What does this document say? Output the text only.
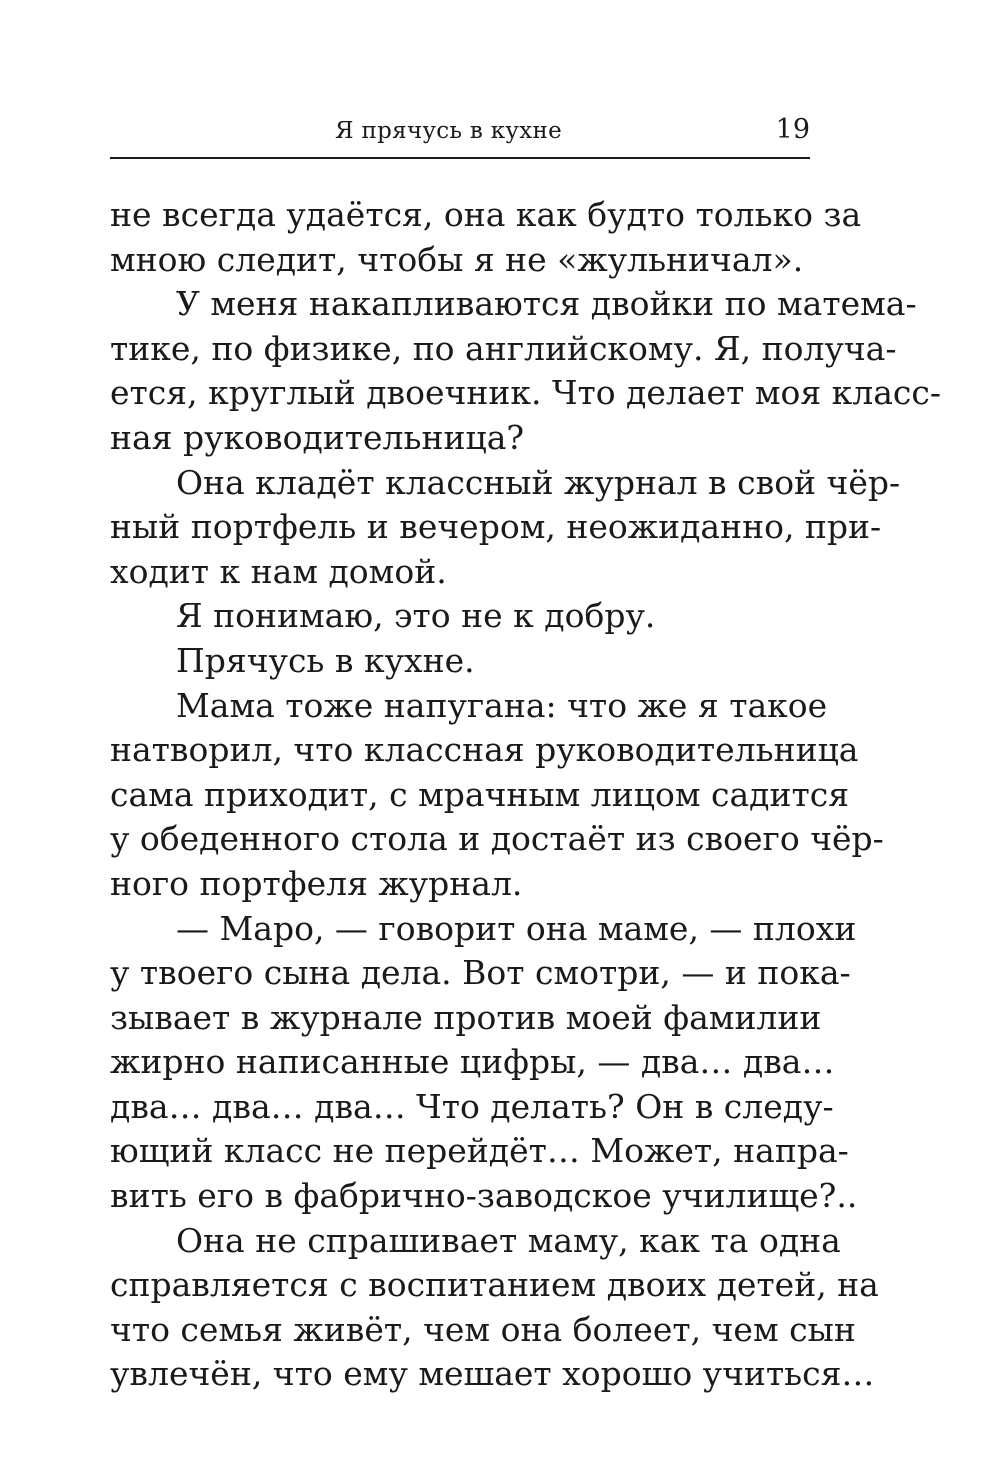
Я прячусь в кухне	19
не всегда удаётся, она как будто только за
мною следит, чтобы я не «жульничал».
У меня накапливаются двойки по матема-
тике, по физике, по английскому. Я, получа-
ется, круглый двоечник. Что делает моя класс-
ная руководительница?
Она кладёт классный журнал в свой чёр-
ный портфель и вечером, неожиданно, при-
ходит к нам домой.
Я понимаю, это не к добру.
Прячусь в кухне.
Мама тоже напугана: что же я такое
натворил, что классная руководительница
сама приходит, с мрачным лицом садится
у обеденного стола и достаёт из своего чёр-
ного портфеля журнал.
— Маро, — говорит она маме, — плохи
у твоего сына дела. Вот смотри, — и пока-
зывает в журнале против моей фамилии
жирно написанные цифры, — два… два…
два… два… два… Что делать? Он в следу-
ющий класс не перейдёт… Может, напра-
вить его в фабрично-заводское училище?..
Она не спрашивает маму, как та одна
справляется с воспитанием двоих детей, на
что семья живёт, чем она болеет, чем сын
увлечён, что ему мешает хорошо учиться…
